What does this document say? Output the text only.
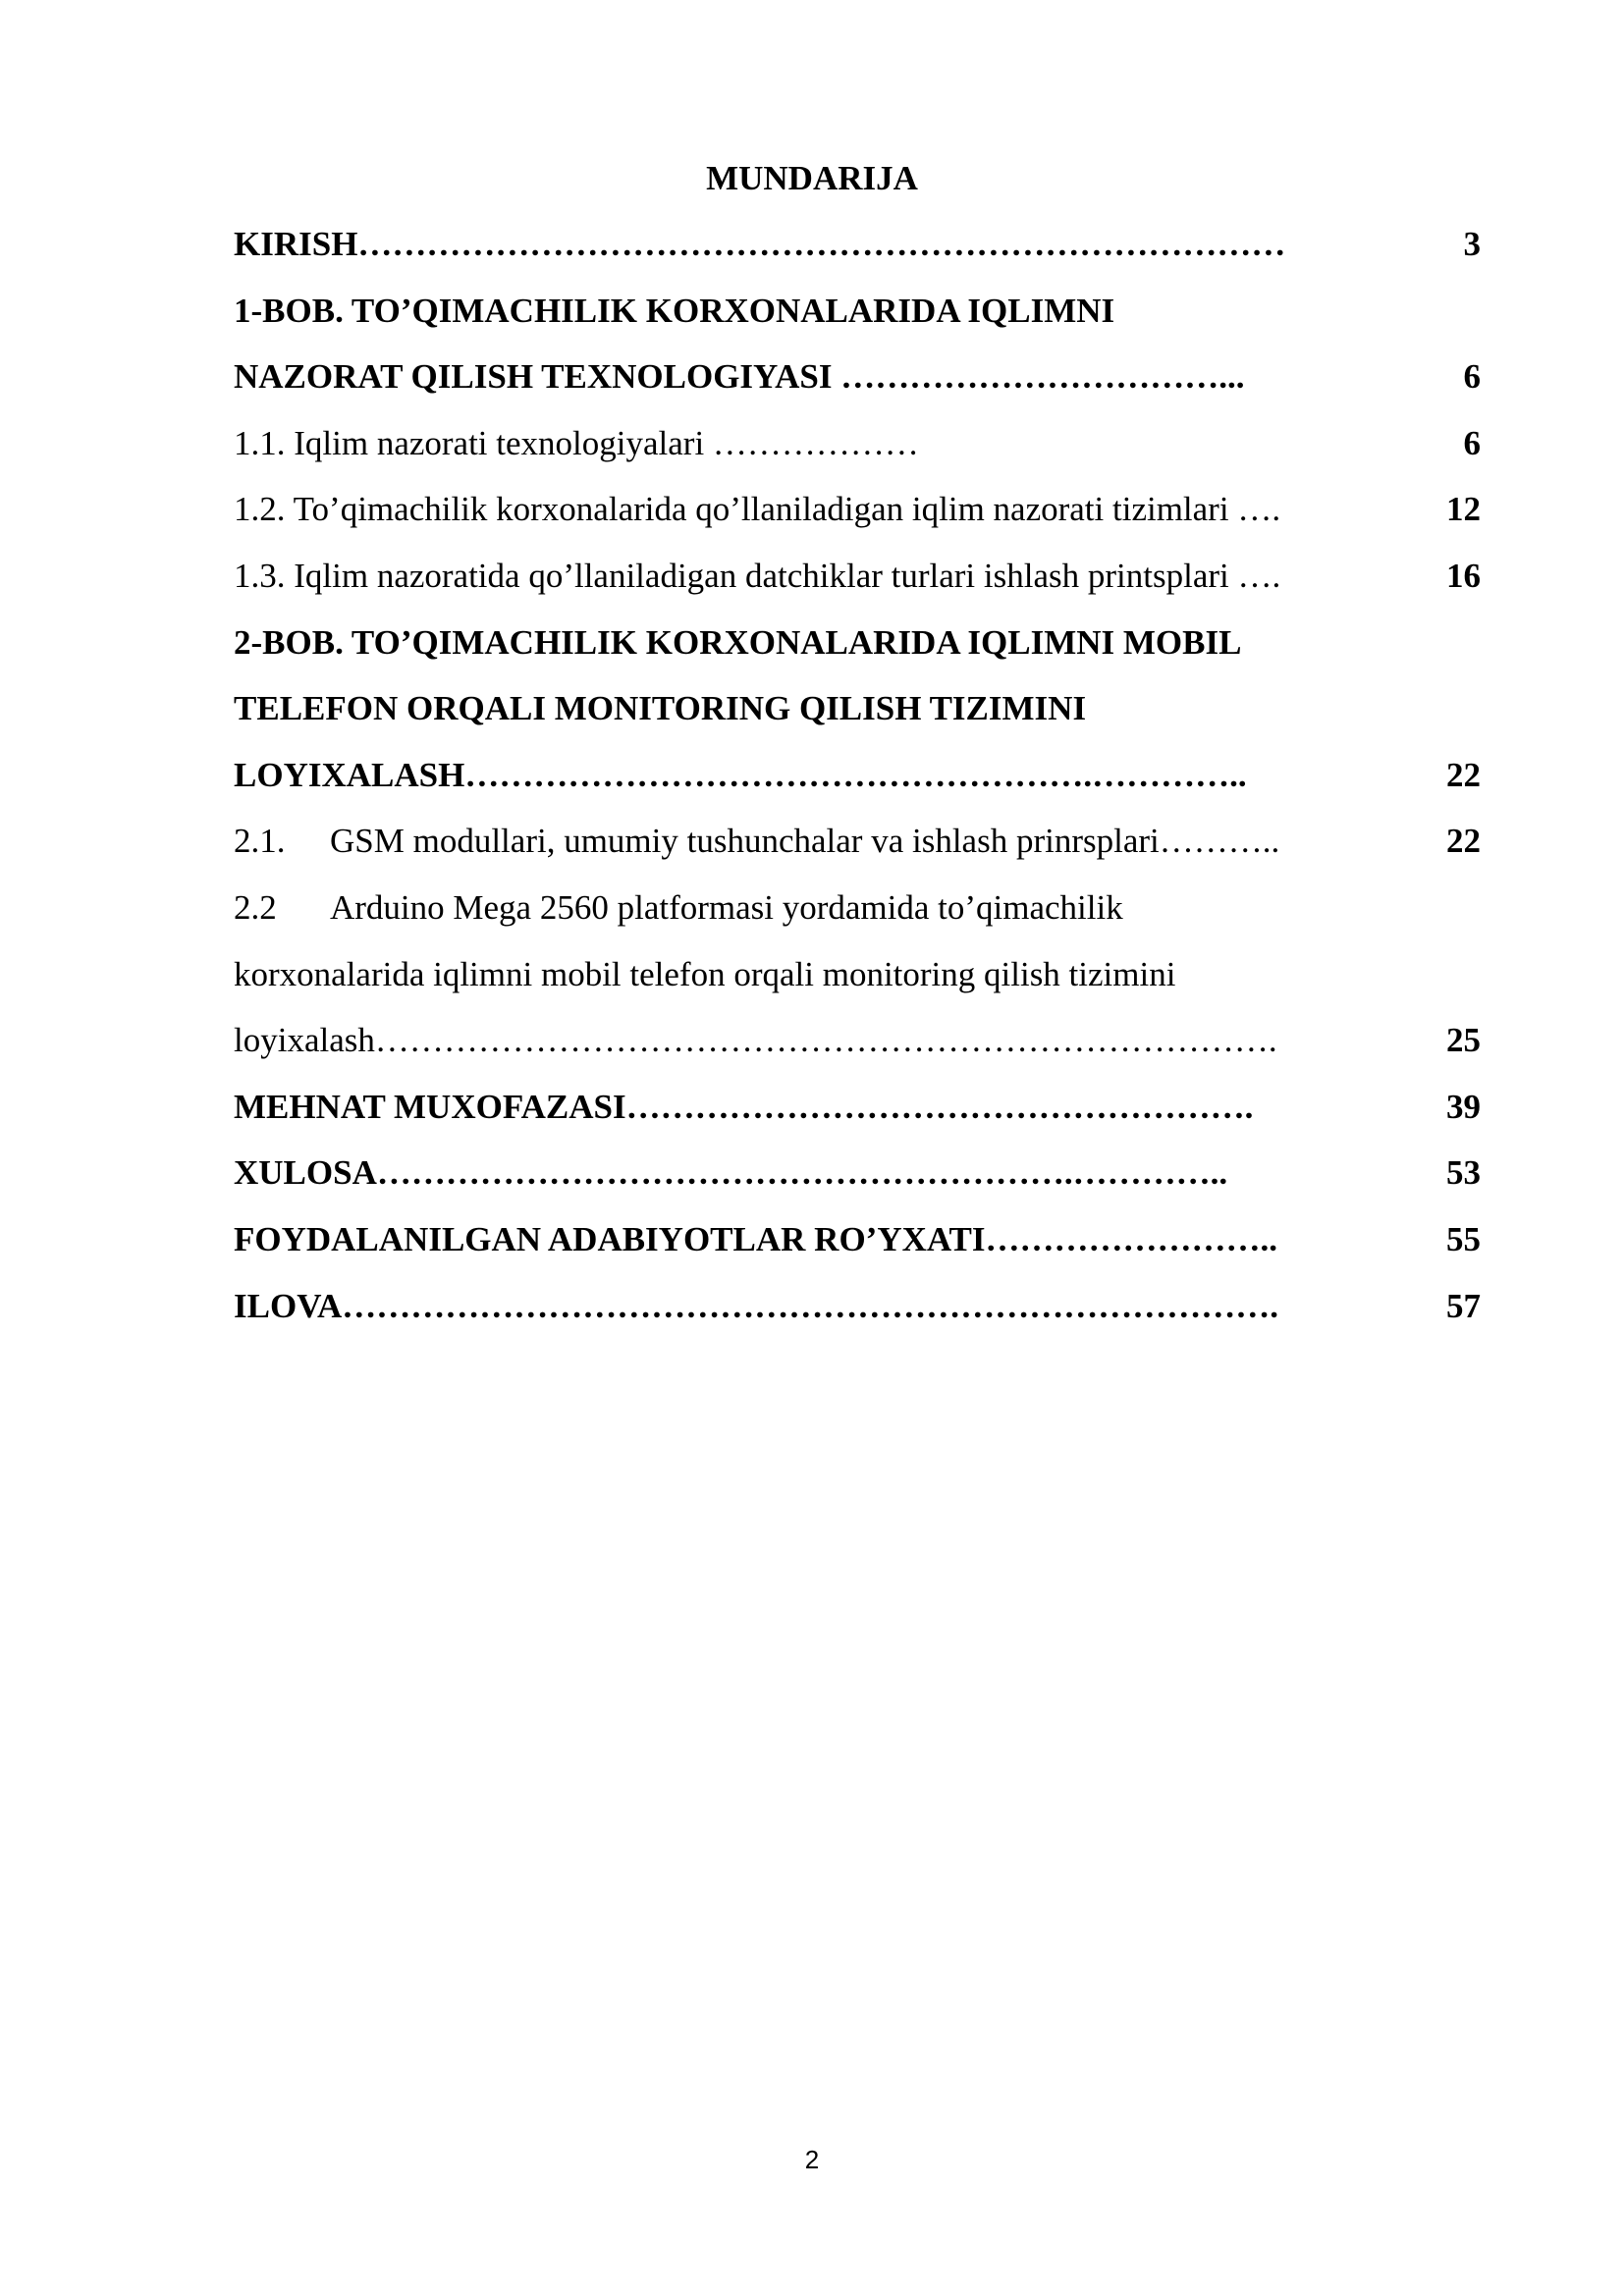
MUNDARIJA
KIRISH………………………………………………………………………	3
1-BOB. TO’QIMACHILIK KORXONALARIDA IQLIMNI
NAZORAT QILISH TEXNOLOGIYASI ……………………………...	6
1.1. Iqlim nazorati texnologiyalari ………………	6
1.2. To’qimachilik korxonalarida qo’llaniladigan iqlim nazorati tizimlari ….	12
1.3. Iqlim nazoratida qo’llaniladigan datchiklar turlari ishlash printsplari ….	16
2-BOB. TO’QIMACHILIK KORXONALARIDA IQLIMNI MOBIL
TELEFON ORQALI MONITORING QILISH TIZIMINI
LOYIXALASH……………………………………………….…………..	22
2.1. GSM modullari, umumiy tushunchalar va ishlash prinrsplari………..	22
2.2 Arduino Mega 2560 platformasi yordamida to’qimachilik
korxonalarida iqlimni mobil telefon orqali monitoring qilish tizimini
loyixalash…………………………………………………………………….	25
MEHNAT MUXOFAZASI……………………………………………….	39
XULOSA…………………………………………………….…………..	53
FOYDALANILGAN ADABIYOTLAR RO’YXATI……………………..	55
ILOVA……………………………………………………………………….	57
2
